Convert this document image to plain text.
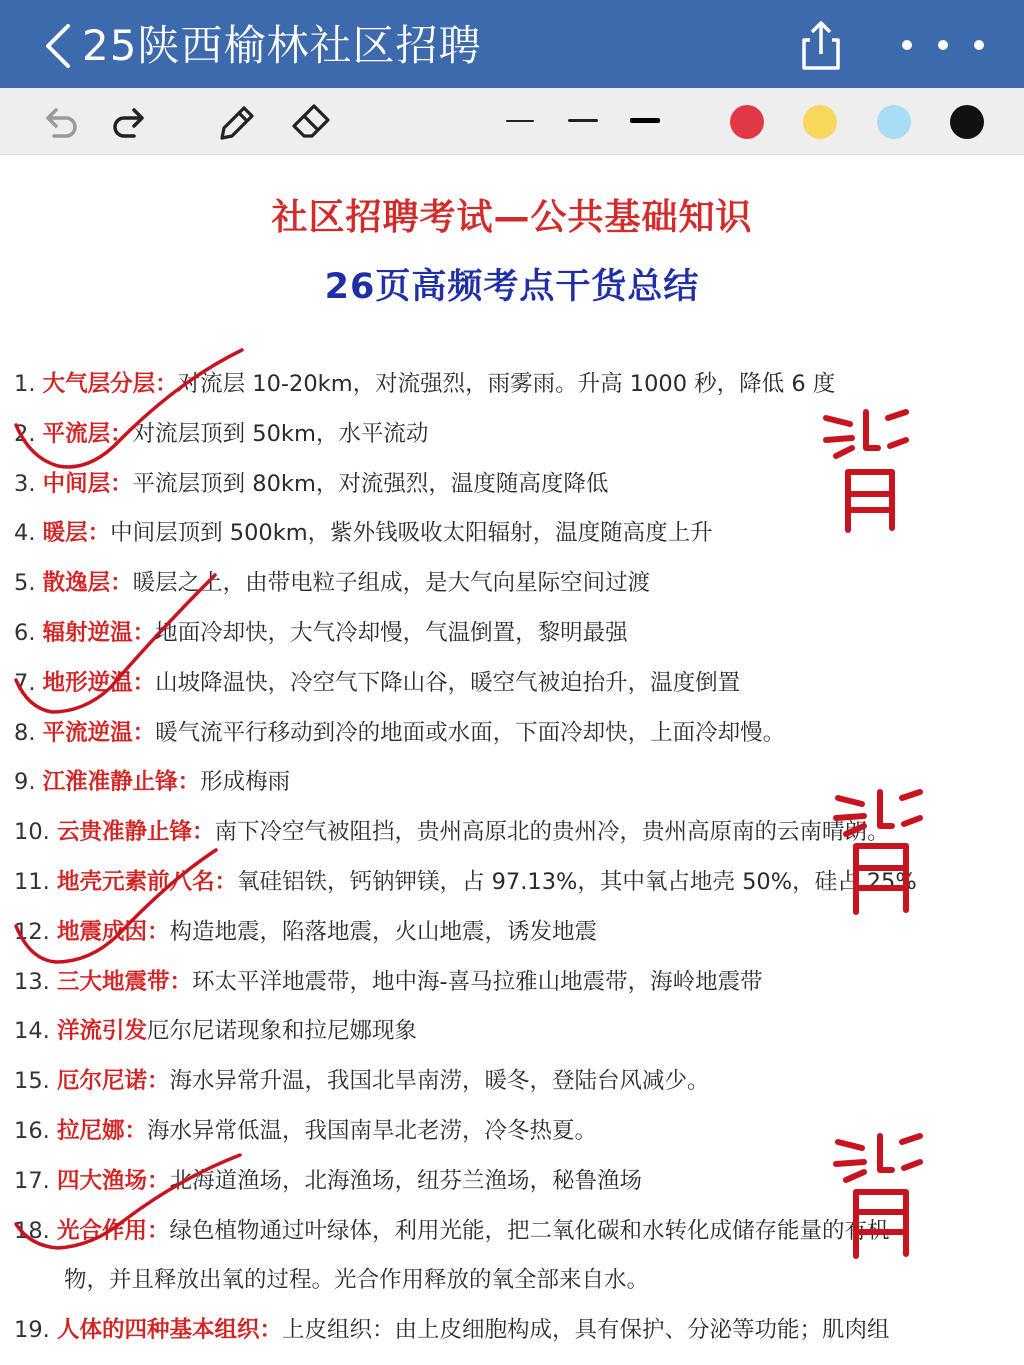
25陕西榆林社区招聘
社区招聘考试—公共基础知识
26页高频考点干货总结
1. 大气层分层：对流层 10-20km，对流强烈，雨雾雨。升高 1000 秒，降低 6 度
2. 平流层：对流层顶到 50km，水平流动
3. 中间层：平流层顶到 80km，对流强烈，温度随高度降低
4. 暖层：中间层顶到 500km，紫外钱吸收太阳辐射，温度随高度上升
5. 散逸层：暖层之上，由带电粒子组成，是大气向星际空间过渡
6. 辐射逆温：地面冷却快，大气冷却慢，气温倒置，黎明最强
7. 地形逆温：山坡降温快，冷空气下降山谷，暖空气被迫抬升，温度倒置
8. 平流逆温：暖气流平行移动到冷的地面或水面，下面冷却快，上面冷却慢。
9. 江淮准静止锋：形成梅雨
10. 云贵准静止锋：南下冷空气被阻挡，贵州高原北的贵州冷，贵州高原南的云南晴朗。
11. 地壳元素前八名：氧硅铝铁，钙钠钾镁，占 97.13%，其中氧占地壳 50%，硅占 25%
12. 地震成因：构造地震，陷落地震，火山地震，诱发地震
13. 三大地震带：环太平洋地震带，地中海-喜马拉雅山地震带，海岭地震带
14. 洋流引发厄尔尼诺现象和拉尼娜现象
15. 厄尔尼诺：海水异常升温，我国北旱南涝，暖冬，登陆台风减少。
16. 拉尼娜：海水异常低温，我国南旱北老涝，冷冬热夏。
17. 四大渔场：北海道渔场，北海渔场，纽芬兰渔场，秘鲁渔场
18. 光合作用：绿色植物通过叶绿体，利用光能，把二氧化碳和水转化成储存能量的有机
物，并且释放出氧的过程。光合作用释放的氧全部来自水。
19. 人体的四种基本组织：上皮组织：由上皮细胞构成，具有保护、分泌等功能；肌肉组
